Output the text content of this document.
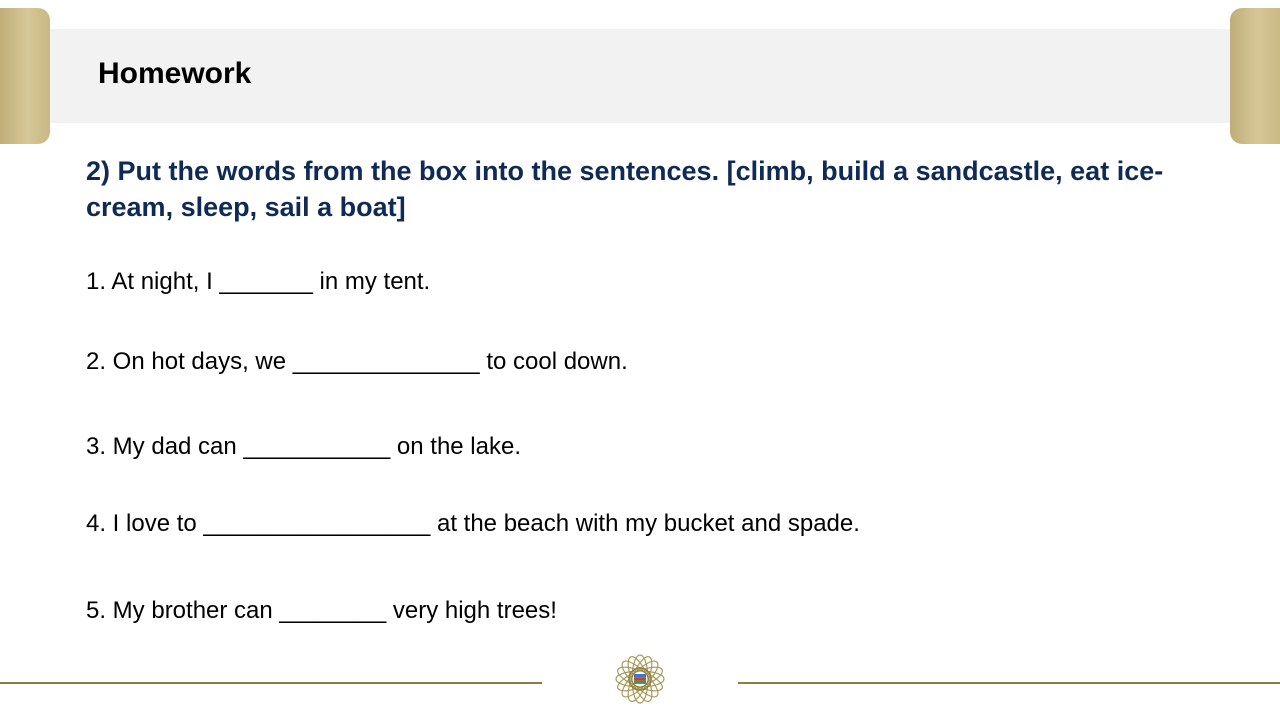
Homework
2) Put the words from the box into the sentences. [climb, build a sandcastle, eat ice-cream, sleep, sail a boat]
1. At night, I _______ in my tent.
2. On hot days, we ______________ to cool down.
3. My dad can ___________ on the lake.
4. I love to _________________ at the beach with my bucket and spade.
5. My brother can ________ very high trees!
